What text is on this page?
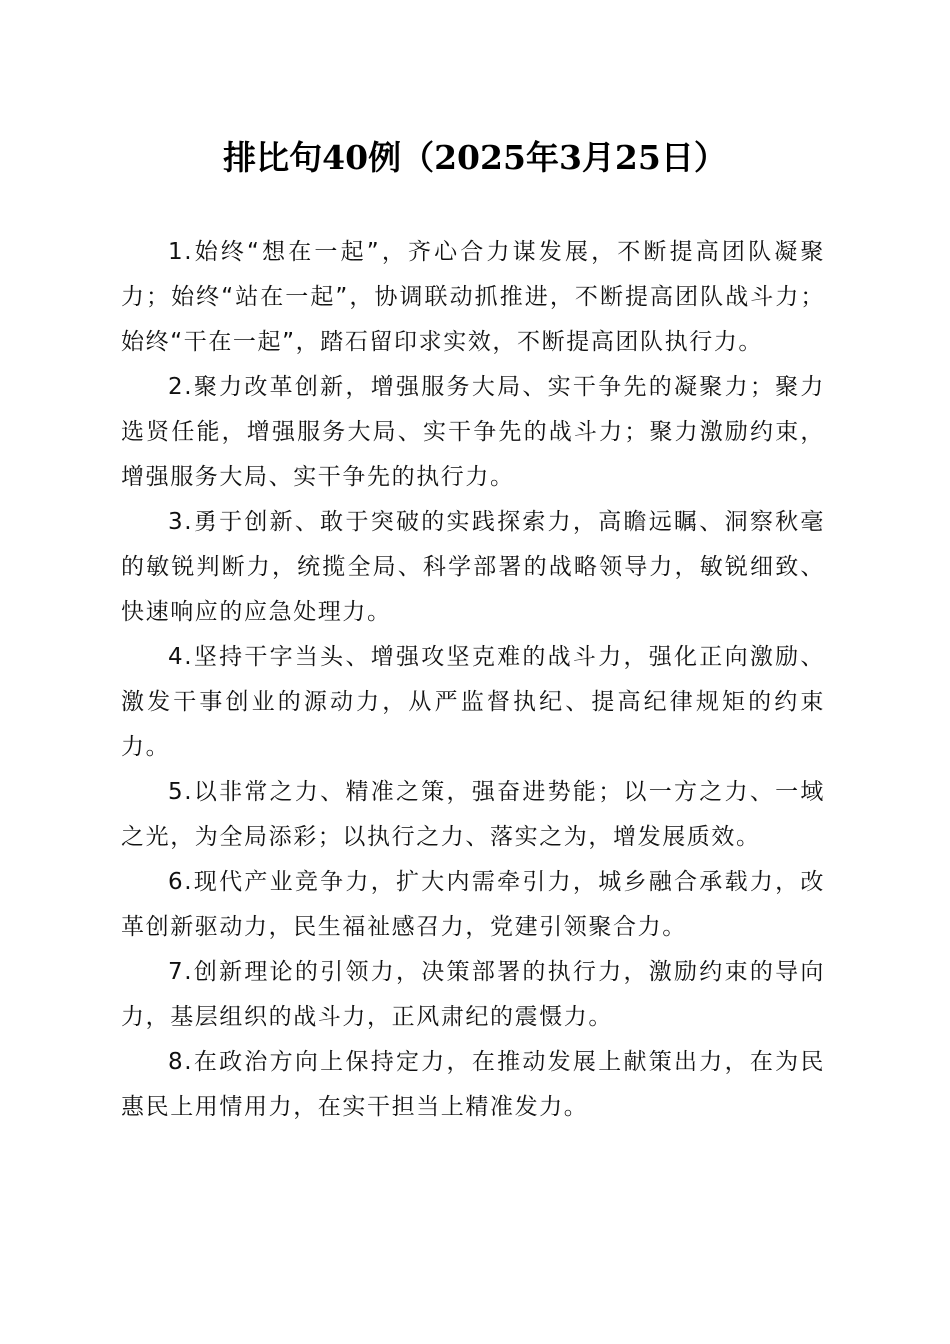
排比句40例（2025年3月25日）

1.始终“想在一起”，齐心合力谋发展，不断提高团队凝聚力；始终“站在一起”，协调联动抓推进，不断提高团队战斗力；始终“干在一起”，踏石留印求实效，不断提高团队执行力。

2.聚力改革创新，增强服务大局、实干争先的凝聚力；聚力选贤任能，增强服务大局、实干争先的战斗力；聚力激励约束，增强服务大局、实干争先的执行力。

3.勇于创新、敢于突破的实践探索力，高瞻远瞩、洞察秋毫的敏锐判断力，统揽全局、科学部署的战略领导力，敏锐细致、快速响应的应急处理力。

4.坚持干字当头、增强攻坚克难的战斗力，强化正向激励、激发干事创业的源动力，从严监督执纪、提高纪律规矩的约束力。

5.以非常之力、精准之策，强奋进势能；以一方之力、一域之光，为全局添彩；以执行之力、落实之为，增发展质效。

6.现代产业竞争力，扩大内需牵引力，城乡融合承载力，改革创新驱动力，民生福祉感召力，党建引领聚合力。

7.创新理论的引领力，决策部署的执行力，激励约束的导向力，基层组织的战斗力，正风肃纪的震慑力。

8.在政治方向上保持定力，在推动发展上献策出力，在为民惠民上用情用力，在实干担当上精准发力。
